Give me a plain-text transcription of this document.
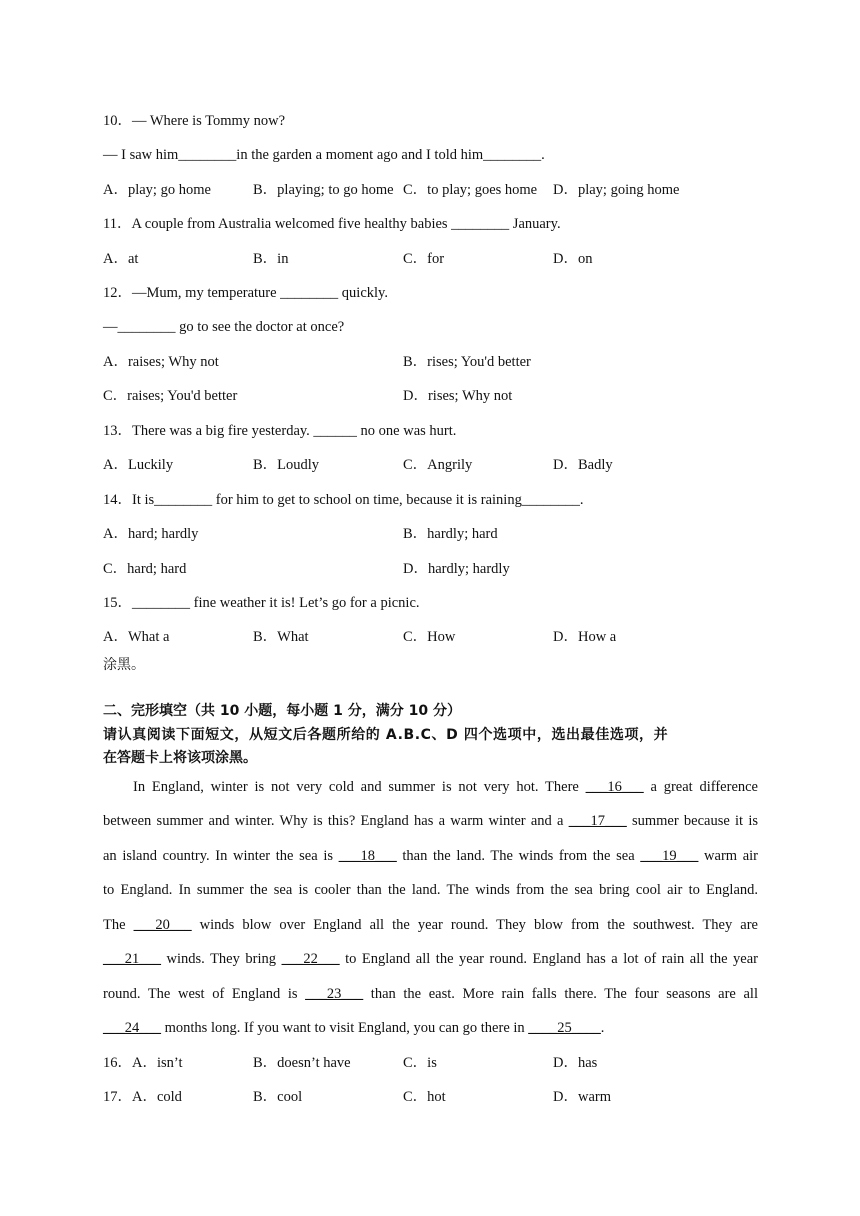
10．— Where is Tommy now?
— I saw him________in the garden a moment ago and I told him________.
A．play; go home	B．playing; to go home C．to play; goes home D．play; going home
11．A couple from Australia welcomed five healthy babies ________ January.
A．at	B．in	C．for	D．on
12．—Mum, my temperature ________ quickly.
—________ go to see the doctor at once?
A．raises; Why not	B．rises; You'd better
C．raises; You'd better	D．rises; Why not
13．There was a big fire yesterday. ______ no one was hurt.
A．Luckily	B．Loudly	C．Angrily	D．Badly
14．It is________ for him to get to school on time, because it is raining________.
A．hard; hardly	B．hardly; hard
C．hard; hard	D．hardly; hardly
15．________ fine weather it is! Let’s go for a picnic.
A．What a	B．What	C．How	D．How a
涂黑。
二、完形填空（共 10 小题，每小题 1 分，满分 10 分）
请认真阅读下面短文，从短文后各题所给的 A.B.C、D 四个选项中，选出最佳选项，并
在答题卡上将该项涂黑。
In England, winter is not very cold and summer is not very hot. There ___16___ a great difference
between summer and winter. Why is this? England has a warm winter and a ___17___ summer because it is
an island country. In winter the sea is ___18___ than the land. The winds from the sea ___19___ warm air
to England. In summer the sea is cooler than the land. The winds from the sea bring cool air to England.
The ___20___ winds blow over England all the year round. They blow from the southwest. They are
___21___ winds. They bring ___22___ to England all the year round. England has a lot of rain all the year
round. The west of England is ___23___ than the east. More rain falls there. The four seasons are all
___24___ months long. If you want to visit England, you can go there in ____25____.
16．A．isn’t	B．doesn’t have	C．is	D．has
17．A．cold	B．cool	C．hot	D．warm
